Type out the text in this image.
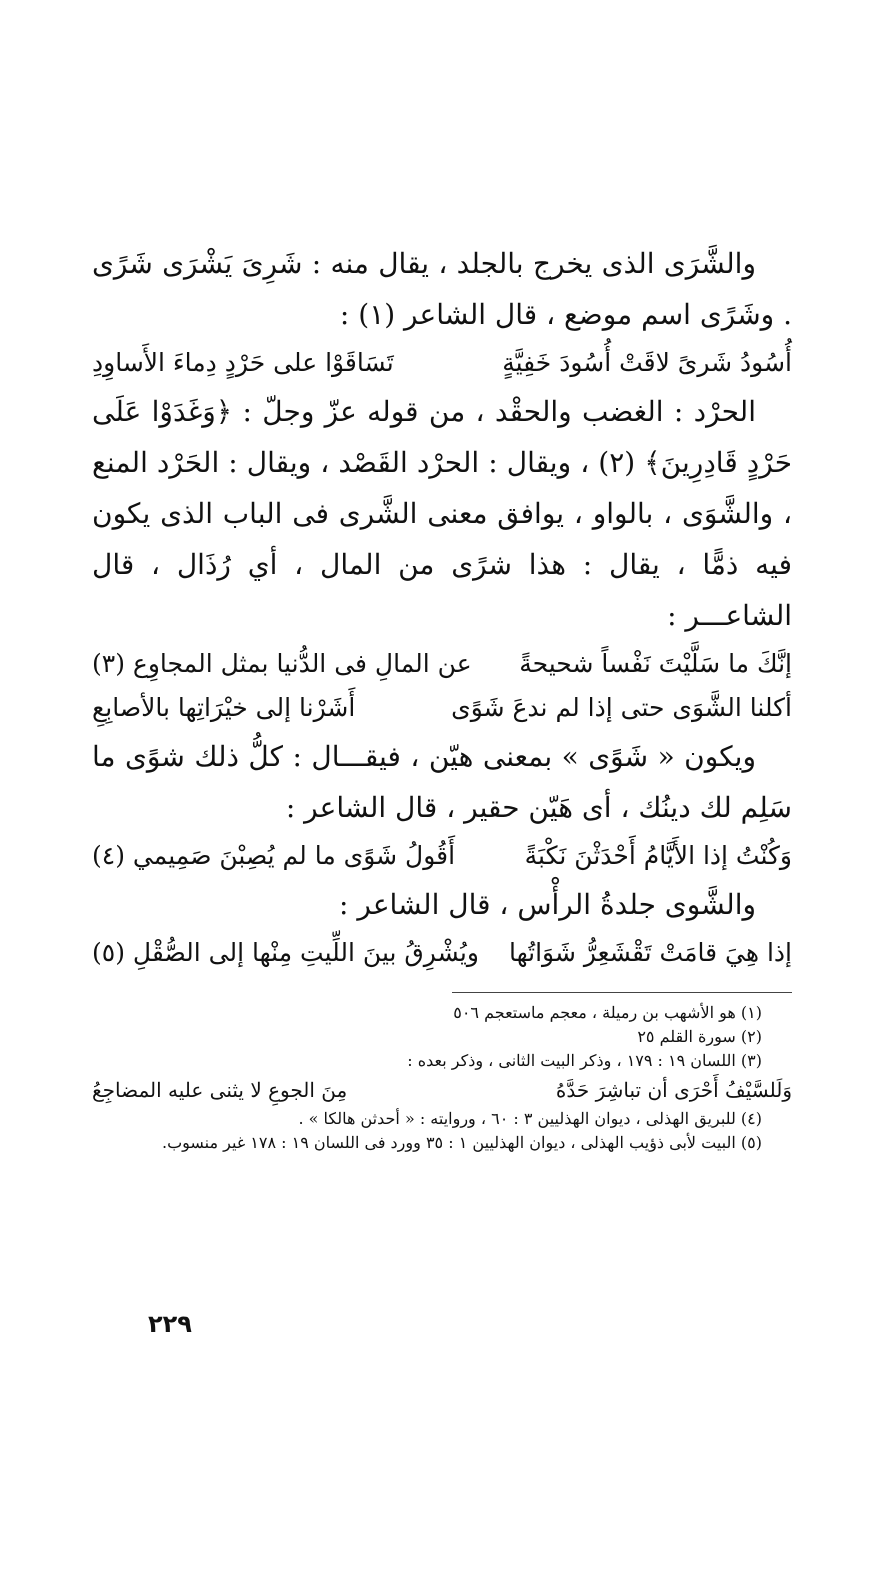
والشَّرَى الذى يخرج بالجلد ، يقال منه : شَرِىَ يَشْرَى شَرًى . وشَرًى اسم موضع ، قال الشاعر (١) :

أُسُودُ شَرىً لاقَتْ أُسُودَ خَفِيَّةٍ
تَسَاقَوْا على حَرْدٍ دِماءَ الأَساوِدِ

الحرْد : الغضب والحقْد ، من قوله عزّ وجلّ : ﴿وَغَدَوْا عَلَى حَرْدٍ قَادِرِينَ﴾ (٢) ، ويقال : الحرْد القَصْد ، ويقال : الحَرْد المنع ، والشَّوَى ، بالواو ، يوافق معنى الشَّرى فى الباب الذى يكون فيه ذمًّا ، يقال : هذا شرًى من المال ، أي رُذَال ، قال الشاعـــر :

إنَّكَ ما سَلَّيْتَ نَفْساً شحيحةً
عن المالِ فى الدُّنيا بمثل المجاوِع (٣)
أكلنا الشَّوَى حتى إذا لم ندعَ شَوًى
أَشَرْنا إلى خيْرَاتِها بالأصابِعِ

ويكون « شَوًى » بمعنى هيّن ، فيقـــال : كلُّ ذلك شوًى ما سَلِم لك دينُك ، أى هَيّن حقير ، قال الشاعر :

وَكُنْتُ إذا الأَيَّامُ أَحْدَثْنَ نَكْبَةً
أَقُولُ شَوًى ما لم يُصِبْنَ صَمِيمي (٤)

والشَّوى جلدةُ الرأْس ، قال الشاعر :

إذا هِيَ قامَتْ تَقْشَعِرُّ شَوَاتُها
ويُشْرِقُ بينَ اللِّيتِ مِنْها إلى الصُّقْلِ (٥)

(١) هو الأشهب بن رميلة ، معجم ماستعجم ٥٠٦

(٢) سورة القلم ٢٥

(٣) اللسان ١٩ : ١٧٩ ، وذكر البيت الثانى ، وذكر بعده :

وَلَلسَّيْفُ أَحْرَى أن تباشِرَ حَدَّهُ
مِنَ الجوعِ لا يثنى عليه المضاجِعُ

(٤) للبريق الهذلى ، ديوان الهذليين ٣ : ٦٠ ، وروايته : « أحدثن هالكا » .

(٥) البيت لأبى ذؤيب الهذلى ، ديوان الهذليين ١ : ٣٥ وورد فى اللسان ١٩ : ١٧٨ غير منسوب.

٢٢٩
